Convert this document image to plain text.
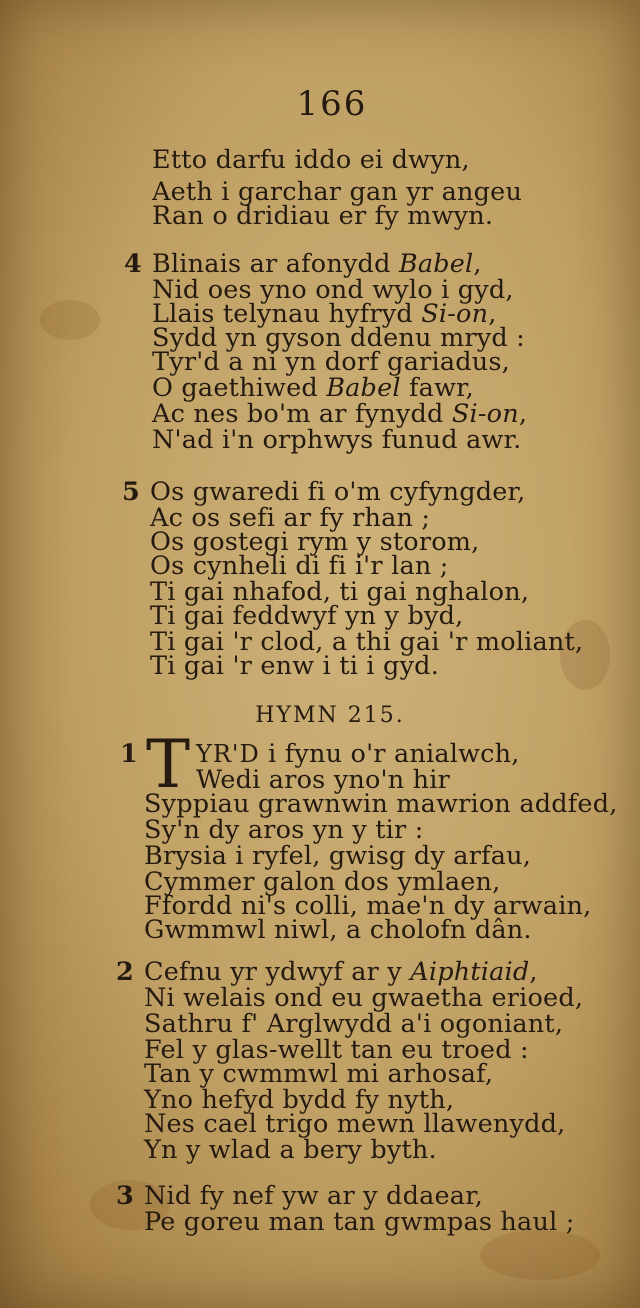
166
Etto darfu iddo ei dwyn,
Aeth i garchar gan yr angeu
Ran o dridiau er fy mwyn.
4 Blinais ar afonydd Babel,
Nid oes yno ond wylo i gyd,
Llais telynau hyfryd Si-on,
Sydd yn gyson ddenu mryd :
Tyr'd a ni yn dorf gariadus,
O gaethiwed Babel fawr,
Ac nes bo'm ar fynydd Si-on,
N'ad i'n orphwys funud awr.
5 Os gwaredi fi o'm cyfyngder,
Ac os sefi ar fy rhan ;
Os gostegi rym y storom,
Os cynheli di fi i'r lan ;
Ti gai nhafod, ti gai nghalon,
Ti gai feddwyf yn y byd,
Ti gai 'r clod, a thi gai 'r moliant,
Ti gai 'r enw i ti i gyd.
HYMN 215.
1 T YR'D i fynu o'r anialwch,
Wedi aros yno'n hir
Syppiau grawnwin mawrion addfed,
Sy'n dy aros yn y tir :
Brysia i ryfel, gwisg dy arfau,
Cymmer galon dos ymlaen,
Ffordd ni's colli, mae'n dy arwain,
Gwmmwl niwl, a cholofn dân.
2 Cefnu yr ydwyf ar y Aiphtiaid,
Ni welais ond eu gwaetha erioed,
Sathru f' Arglwydd a'i ogoniant,
Fel y glas-wellt tan eu troed :
Tan y cwmmwl mi arhosaf,
Yno hefyd bydd fy nyth,
Nes cael trigo mewn llawenydd,
Yn y wlad a bery byth.
3 Nid fy nef yw ar y ddaear,
Pe goreu man tan gwmpas haul ;
